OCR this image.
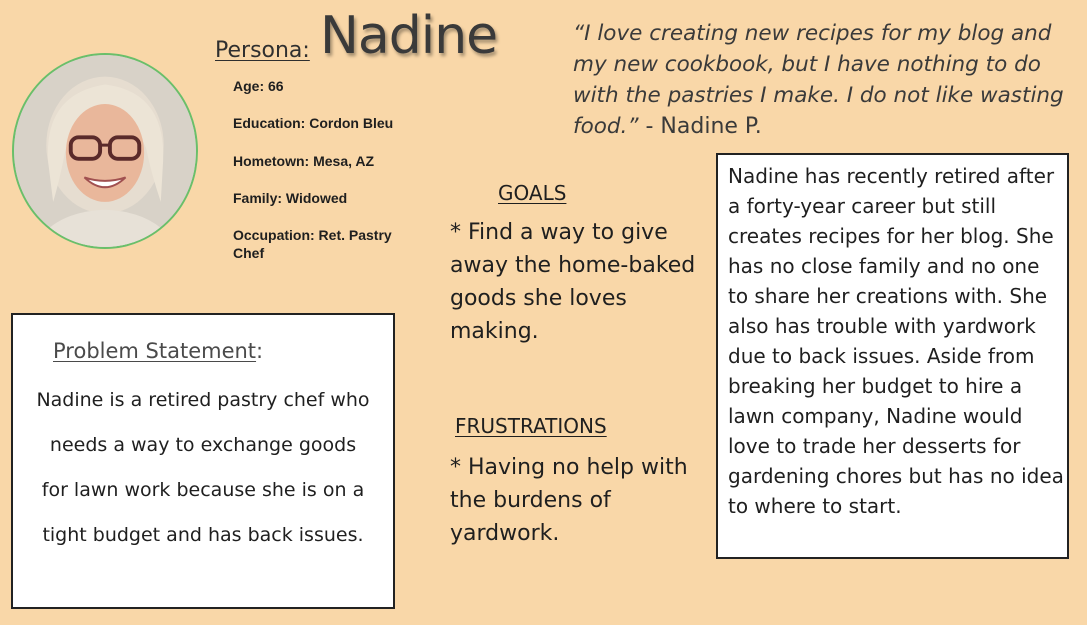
Persona: Nadine
Age: 66
Education: Cordon Bleu
Hometown: Mesa, AZ
Family: Widowed
Occupation: Ret. Pastry
Chef
“I love creating new recipes for my blog and my new cookbook, but I have nothing to do with the pastries I make. I do not like wasting food.” - Nadine P.
GOALS
* Find a way to give away the home-baked goods she loves making.
FRUSTRATIONS
* Having no help with the burdens of yardwork.
Problem Statement:
Nadine is a retired pastry chef who
needs a way to exchange goods
for lawn work because she is on a
tight budget and has back issues.
Nadine has recently retired after a forty-year career but still creates recipes for her blog. She has no close family and no one to share her creations with. She also has trouble with yardwork due to back issues. Aside from breaking her budget to hire a lawn company, Nadine would love to trade her desserts for gardening chores but has no idea to where to start.
